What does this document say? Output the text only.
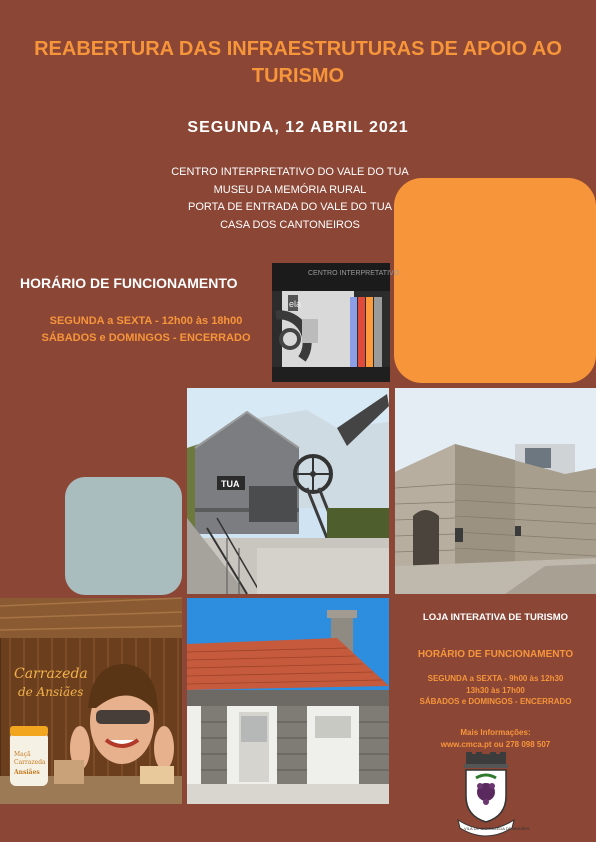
REABERTURA DAS INFRAESTRUTURAS DE APOIO AO TURISMO
SEGUNDA, 12 ABRIL 2021
CENTRO INTERPRETATIVO DO VALE DO TUA
MUSEU DA MEMÓRIA RURAL
PORTA DE ENTRADA DO VALE DO TUA
CASA DOS CANTONEIROS
HORÁRIO DE FUNCIONAMENTO
SEGUNDA a SEXTA - 12h00 às 18h00
SÁBADOS e DOMINGOS - ENCERRADO
CENTRO INTERPRETATIVO
ela
TUA
Carrazeda
de Ansiães
Maçã
Carrazeda
Ansiães
LOJA INTERATIVA DE TURISMO
HORÁRIO DE FUNCIONAMENTO
SEGUNDA a SEXTA - 9h00 às 12h30
13h30 às 17h00
SÁBADOS e DOMINGOS - ENCERRADO
Mais Informações:
www.cmca.pt ou 278 098 507
VILA DE CARRAZEDA DE ANSIÃES
